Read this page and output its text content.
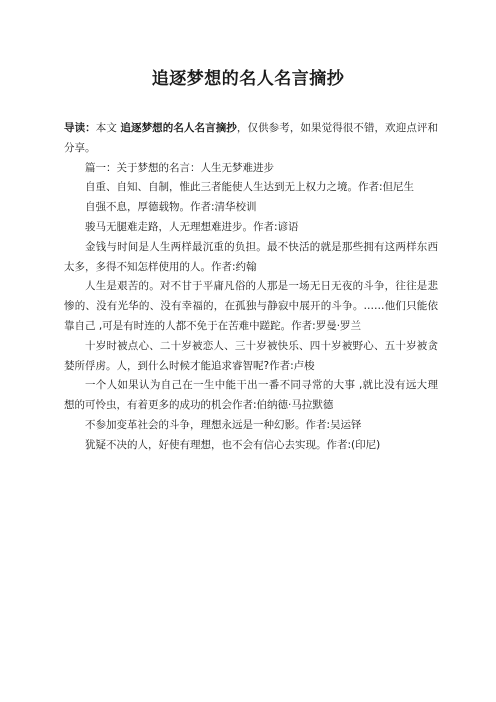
追逐梦想的名人名言摘抄

导读：本文 追逐梦想的名人名言摘抄，仅供参考，如果觉得很不错，欢迎点评和分享。

篇一：关于梦想的名言：人生无梦难进步

自重、自知、自制，惟此三者能使人生达到无上权力之境。作者:但尼生

自强不息，厚德载物。作者:清华校训

骏马无腿难走路，人无理想难进步。作者:谚语

金钱与时间是人生两样最沉重的负担。最不快活的就是那些拥有这两样东西太多，多得不知怎样使用的人。作者:约翰

人生是艰苦的。对不甘于平庸凡俗的人那是一场无日无夜的斗争，往往是悲惨的、没有光华的、没有幸福的，在孤独与静寂中展开的斗争。……他们只能依靠自己 ,可是有时连的人都不免于在苦难中蹉跎。作者:罗曼·罗兰

十岁时被点心、二十岁被恋人、三十岁被快乐、四十岁被野心、五十岁被贪婪所俘虏。人，到什么时候才能追求睿智呢?作者:卢梭

一个人如果认为自己在一生中能干出一番不同寻常的大事 ,就比没有远大理想的可怜虫，有着更多的成功的机会作者:伯纳德·马拉默德

不参加变革社会的斗争，理想永远是一种幻影。作者:吴运铎

犹疑不决的人，好使有理想，也不会有信心去实现。作者:(印尼)
